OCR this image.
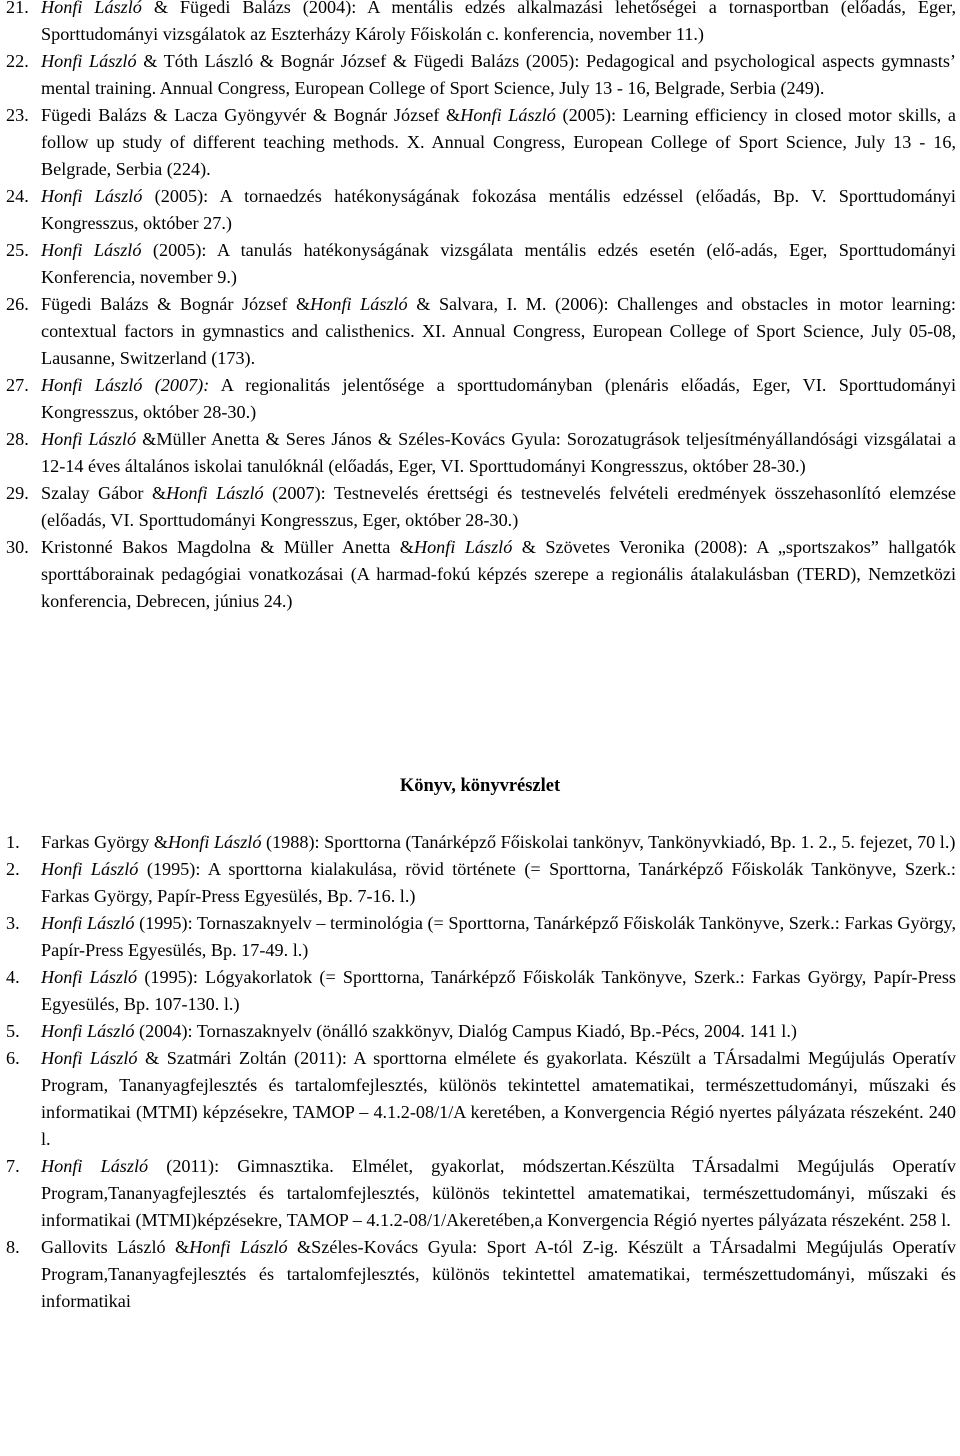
21. Honfi László & Fügedi Balázs (2004): A mentális edzés alkalmazási lehetőségei a tornasportban (előadás, Eger, Sporttudományi vizsgálatok az Eszterházy Károly Főiskolán c. konferencia, november 11.)
22. Honfi László & Tóth László & Bognár József & Fügedi Balázs (2005): Pedagogical and psychological aspects gymnasts’ mental training. Annual Congress, European College of Sport Science, July 13 - 16, Belgrade, Serbia (249).
23. Fügedi Balázs & Lacza Gyöngyvér & Bognár József &Honfi László (2005): Learning efficiency in closed motor skills, a follow up study of different teaching methods. X. Annual Congress, European College of Sport Science, July 13 - 16, Belgrade, Serbia (224).
24. Honfi László (2005): A tornaedzés hatékonyságának fokozása mentális edzéssel (előadás, Bp. V. Sporttudományi Kongresszus, október 27.)
25. Honfi László (2005): A tanulás hatékonyságának vizsgálata mentális edzés esetén (elő-adás, Eger, Sporttudományi Konferencia, november 9.)
26. Fügedi Balázs & Bognár József &Honfi László & Salvara, I. M. (2006): Challenges and obstacles in motor learning: contextual factors in gymnastics and calisthenics. XI. Annual Congress, European College of Sport Science, July 05-08, Lausanne, Switzerland (173).
27. Honfi László (2007): A regionalitás jelentősége a sporttudományban (plenáris előadás, Eger, VI. Sporttudományi Kongresszus, október 28-30.)
28. Honfi László &Müller Anetta & Seres János & Széles-Kovács Gyula: Sorozatugrások teljesítményállandósági vizsgálatai a 12-14 éves általános iskolai tanulóknál (előadás, Eger, VI. Sporttudományi Kongresszus, október 28-30.)
29. Szalay Gábor &Honfi László (2007): Testnevelés érettségi és testnevelés felvételi eredmények összehasonlító elemzése (előadás, VI. Sporttudományi Kongresszus, Eger, október 28-30.)
30. Kristonné Bakos Magdolna & Müller Anetta &Honfi László & Szövetes Veronika (2008): A „sportszakos” hallgatók sporttáborainak pedagógiai vonatkozásai (A harmad-fokú képzés szerepe a regionális átalakulásban (TERD), Nemzetközi konferencia, Debrecen, június 24.)
Könyv, könyvrészlet
1. Farkas György &Honfi László (1988): Sporttorna (Tanárképző Főiskolai tankönyv, Tankönyvkiadó, Bp. 1. 2., 5. fejezet, 70 l.)
2. Honfi László (1995): A sporttorna kialakulása, rövid története (= Sporttorna, Tanárképző Főiskolák Tankönyve, Szerk.: Farkas György, Papír-Press Egyesülés, Bp. 7-16. l.)
3. Honfi László (1995): Tornaszaknyelv – terminológia (= Sporttorna, Tanárképző Főiskolák Tankönyve, Szerk.: Farkas György, Papír-Press Egyesülés, Bp. 17-49. l.)
4. Honfi László (1995): Lógyakorlatok (= Sporttorna, Tanárképző Főiskolák Tankönyve, Szerk.: Farkas György, Papír-Press Egyesülés, Bp. 107-130. l.)
5. Honfi László (2004): Tornaszaknyelv (önálló szakkönyv, Dialóg Campus Kiadó, Bp.-Pécs, 2004. 141 l.)
6. Honfi László & Szatmári Zoltán (2011): A sporttorna elmélete és gyakorlata. Készült a TÁrsadalmi Megújulás Operatív Program, Tananyagfejlesztés és tartalomfejlesztés, különös tekintettel amatematikai, természettudományi, műszaki és informatikai (MTMI) képzésekre, TAMOP – 4.1.2-08/1/A keretében, a Konvergencia Régió nyertes pályázata részeként. 240 l.
7. Honfi László (2011): Gimnasztika. Elmélet, gyakorlat, módszertan.Készülta TÁrsadalmi Megújulás Operatív Program,Tananyagfejlesztés és tartalomfejlesztés, különös tekintettel amatematikai, természettudományi, műszaki és informatikai (MTMI)képzésekre, TAMOP – 4.1.2-08/1/Akeretében,a Konvergencia Régió nyertes pályázata részeként. 258 l.
8. Gallovits László &Honfi László &Széles-Kovács Gyula: Sport A-tól Z-ig. Készült a TÁrsadalmi Megújulás Operatív Program,Tananyagfejlesztés és tartalomfejlesztés, különös tekintettel amatematikai, természettudományi, műszaki és informatikai
